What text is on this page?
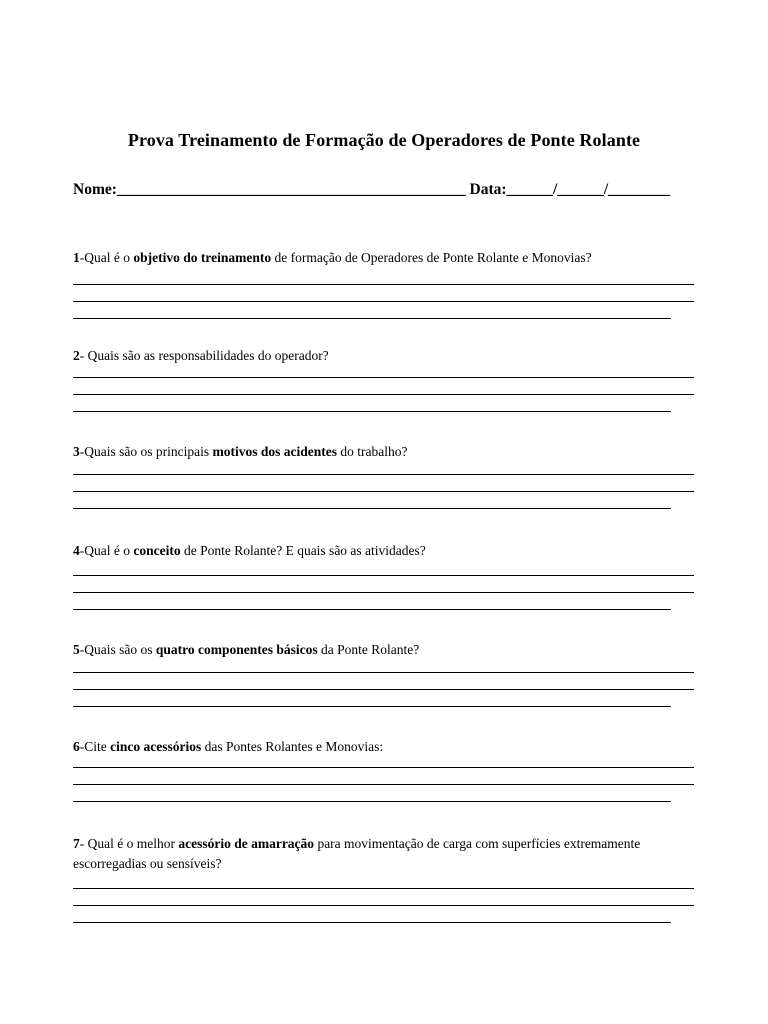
Prova Treinamento de Formação de Operadores de Ponte Rolante
Nome:_____________________________________________ Data:______/______/________
1-Qual é o objetivo do treinamento de formação de Operadores de Ponte Rolante e Monovias?
2- Quais são as responsabilidades do operador?
3-Quais são os principais motivos dos acidentes do trabalho?
4-Qual é o conceito de Ponte Rolante? E quais são as atividades?
5-Quais são os quatro componentes básicos da Ponte Rolante?
6-Cite cinco acessórios das Pontes Rolantes e Monovias:
7- Qual é o melhor acessório de amarração para movimentação de carga com superfícies extremamente escorregadias ou sensíveis?
